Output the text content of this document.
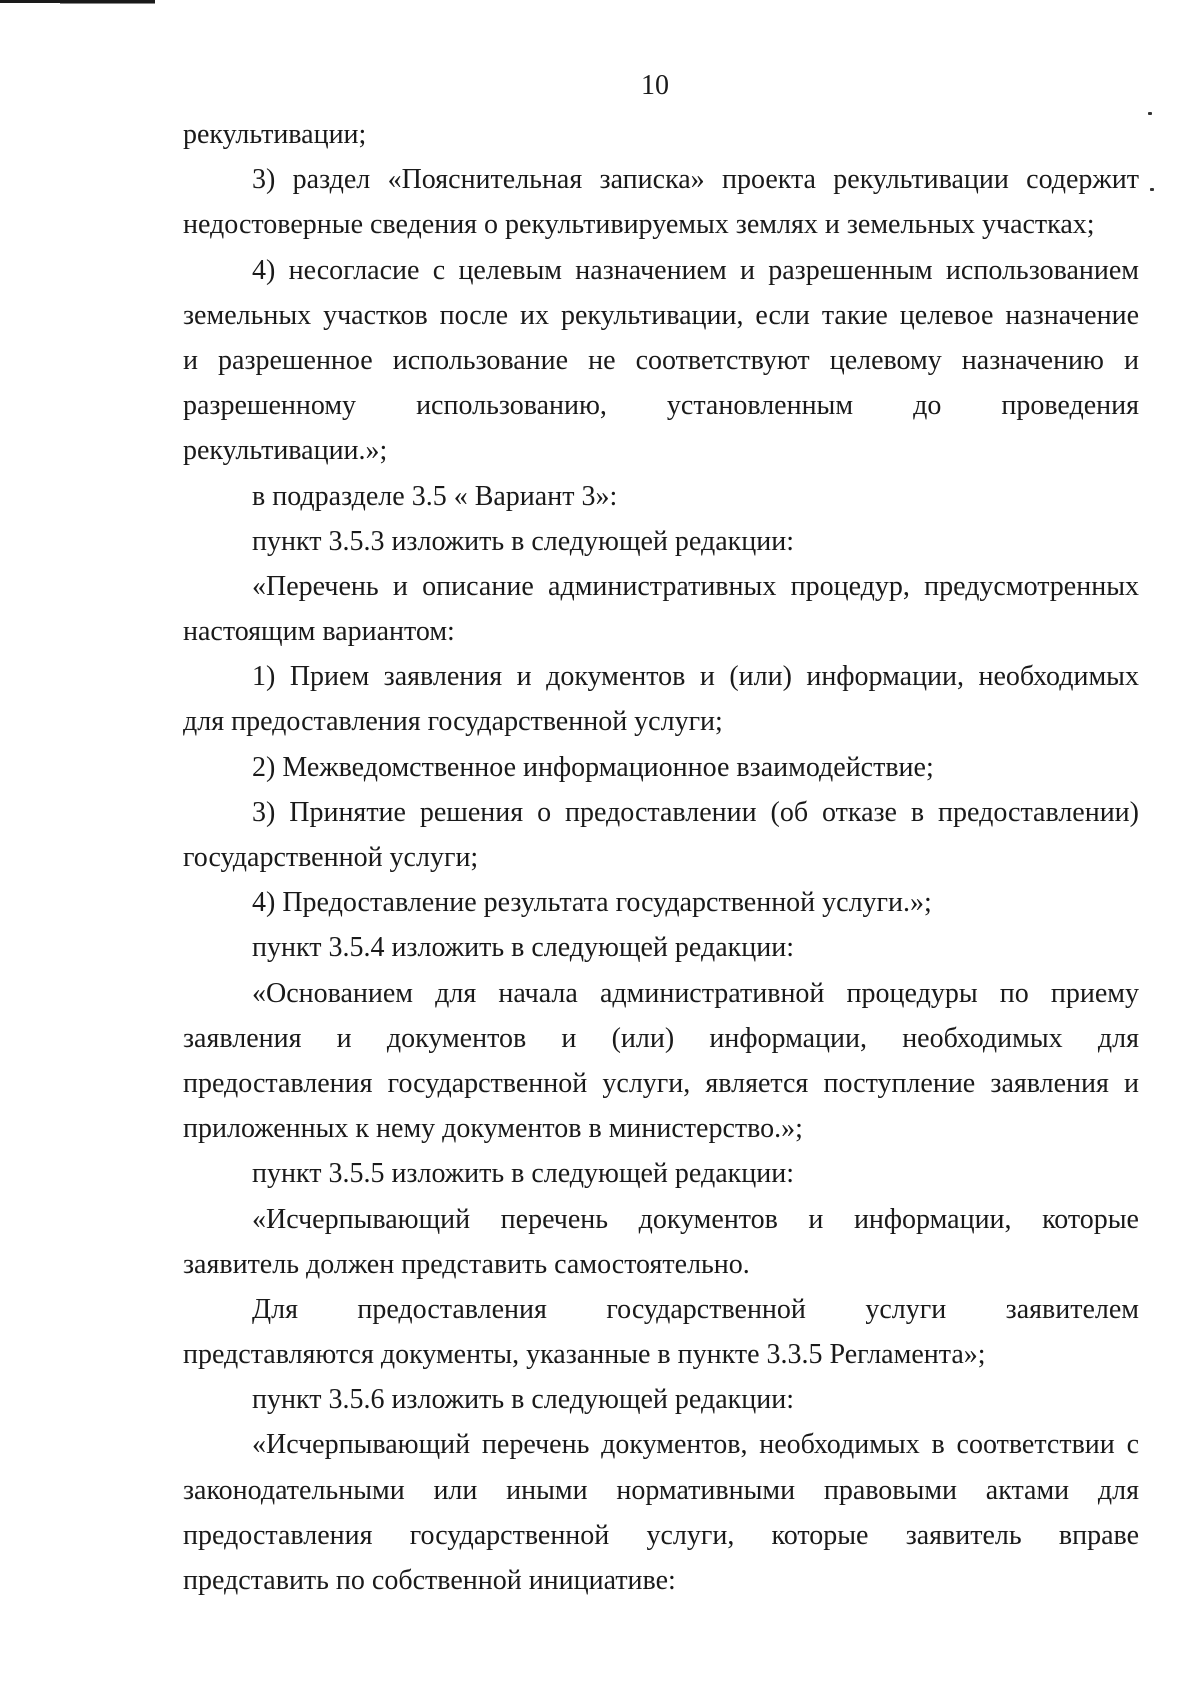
10
рекультивации;
3) раздел «Пояснительная записка» проекта рекультивации содержит
недостоверные сведения о рекультивируемых землях и земельных участках;
4) несогласие с целевым назначением и разрешенным использованием
земельных участков после их рекультивации, если такие целевое назначение
и разрешенное использование не соответствуют целевому назначению и
разрешенному использованию, установленным до проведения
рекультивации.»;
в подразделе 3.5 « Вариант 3»:
пункт 3.5.3 изложить в следующей редакции:
«Перечень и описание административных процедур, предусмотренных
настоящим вариантом:
1) Прием заявления и документов и (или) информации, необходимых
для предоставления государственной услуги;
2) Межведомственное информационное взаимодействие;
3) Принятие решения о предоставлении (об отказе в предоставлении)
государственной услуги;
4) Предоставление результата государственной услуги.»;
пункт 3.5.4 изложить в следующей редакции:
«Основанием для начала административной процедуры по приему
заявления и документов и (или) информации, необходимых для
предоставления государственной услуги, является поступление заявления и
приложенных к нему документов в министерство.»;
пункт 3.5.5 изложить в следующей редакции:
«Исчерпывающий перечень документов и информации, которые
заявитель должен представить самостоятельно.
Для предоставления государственной услуги заявителем
представляются документы, указанные в пункте 3.3.5 Регламента»;
пункт 3.5.6 изложить в следующей редакции:
«Исчерпывающий перечень документов, необходимых в соответствии с
законодательными или иными нормативными правовыми актами для
предоставления государственной услуги, которые заявитель вправе
представить по собственной инициативе:
